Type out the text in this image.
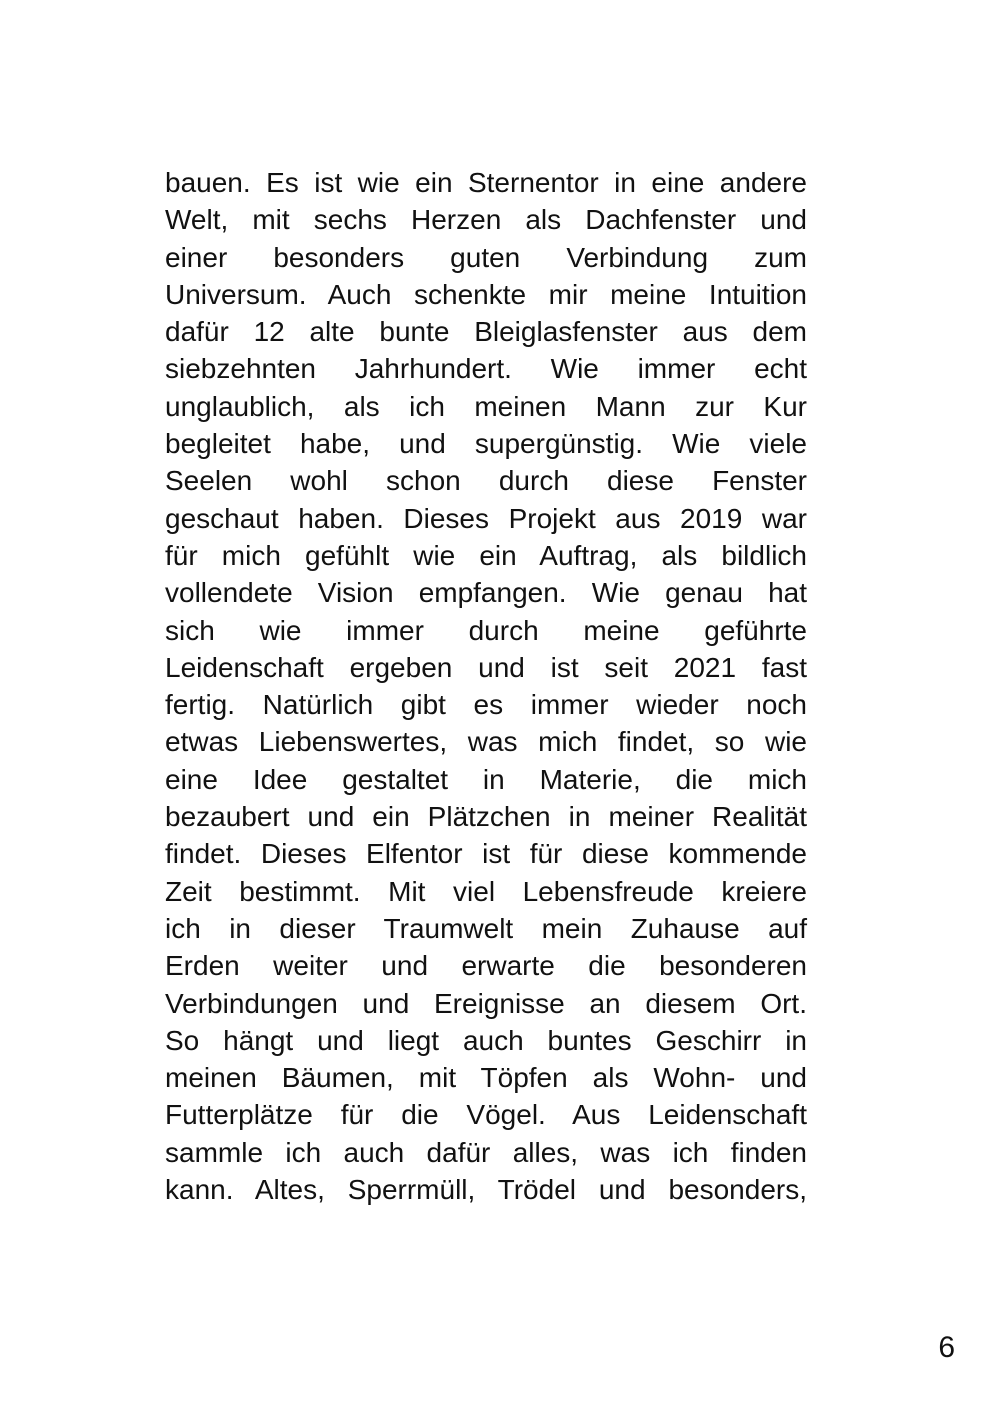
bauen. Es ist wie ein Sternentor in eine andere
Welt, mit sechs Herzen als Dachfenster und
einer besonders guten Verbindung zum
Universum. Auch schenkte mir meine Intuition
dafür 12 alte bunte Bleiglasfenster aus dem
siebzehnten Jahrhundert. Wie immer echt
unglaublich, als ich meinen Mann zur Kur
begleitet habe, und supergünstig. Wie viele
Seelen wohl schon durch diese Fenster
geschaut haben. Dieses Projekt aus 2019 war
für mich gefühlt wie ein Auftrag, als bildlich
vollendete Vision empfangen. Wie genau hat
sich wie immer durch meine geführte
Leidenschaft ergeben und ist seit 2021 fast
fertig. Natürlich gibt es immer wieder noch
etwas Liebenswertes, was mich findet, so wie
eine Idee gestaltet in Materie, die mich
bezaubert und ein Plätzchen in meiner Realität
findet. Dieses Elfentor ist für diese kommende
Zeit bestimmt. Mit viel Lebensfreude kreiere
ich in dieser Traumwelt mein Zuhause auf
Erden weiter und erwarte die besonderen
Verbindungen und Ereignisse an diesem Ort.
So hängt und liegt auch buntes Geschirr in
meinen Bäumen, mit Töpfen als Wohn- und
Futterplätze für die Vögel. Aus Leidenschaft
sammle ich auch dafür alles, was ich finden
kann. Altes, Sperrmüll, Trödel und besonders,
6
